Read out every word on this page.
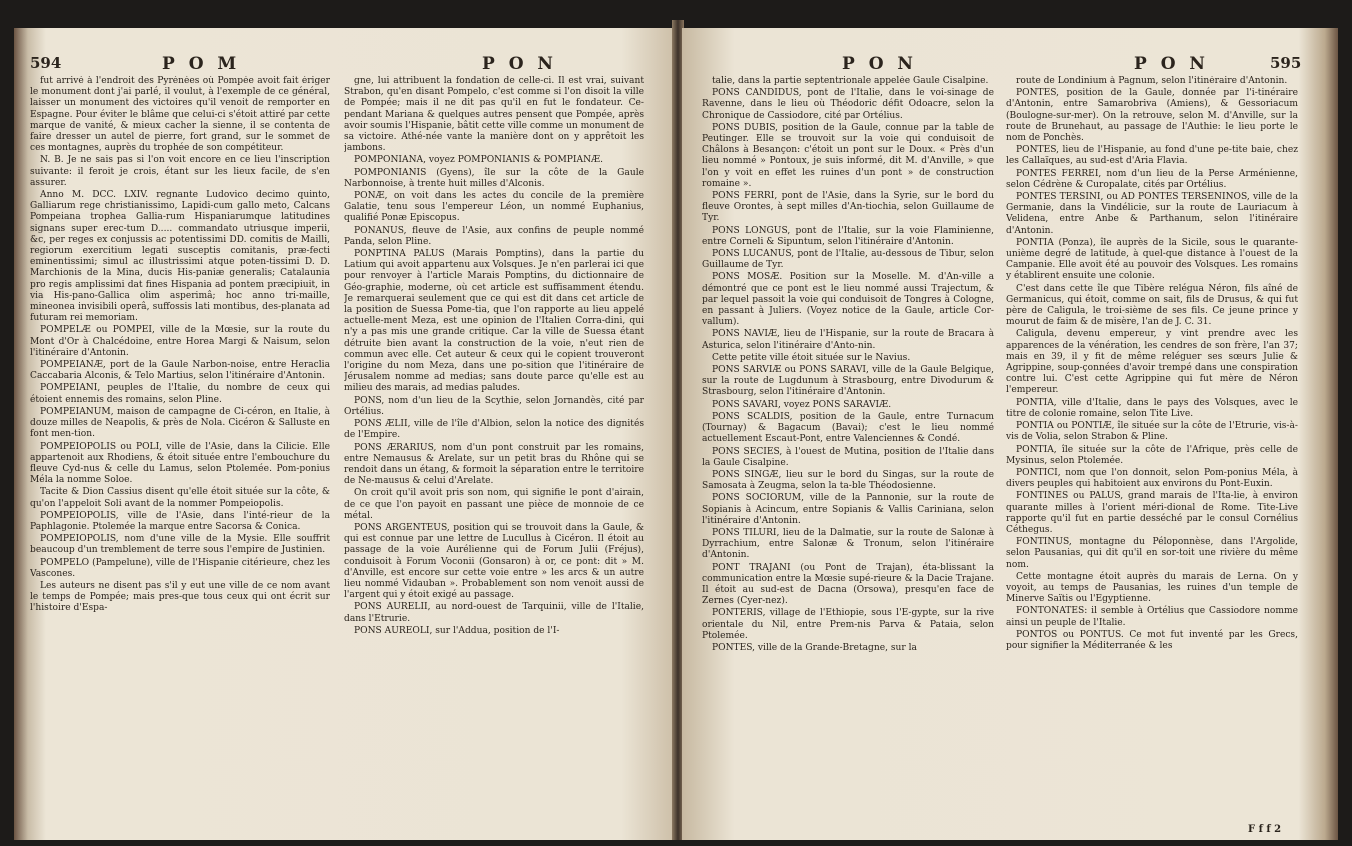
594	P O M	P O N

fut arrivé à l'endroit des Pyrénées où Pompée avoit fait ériger le monument dont j'ai parlé, il voulut, à l'exemple de ce général, laisser un monument des victoires qu'il venoit de remporter en Espagne. Pour éviter le blâme que celui-ci s'étoit attiré par cette marque de vanité, & mieux cacher la sienne, il se contenta de faire dresser un autel de pierre, fort grand, sur le sommet de ces montagnes, auprès du trophée de son compétiteur.

N. B. Je ne sais pas si l'on voit encore en ce lieu l'inscription suivante: il feroit je crois, étant sur les lieux facile, de s'en assurer.

Anno M. DCC. LXIV. regnante Ludovico decimo quinto, Galliarum rege christianissimo, Lapidi-cum gallo meto, Calcans Pompeiana trophea Gallia-rum Hispaniarumque latitudines signans super erec-tum D..... commandato utriusque imperii, &c, per reges ex conjussis ac potentissimi DD. comitis de Mailli, regiorum exercitium legati susceptis comitanis, præ-fecti eminentissimi; simul ac illustrissimi atque poten-tissimi D. D. Marchionis de la Mina, ducis His-paniæ generalis; Catalaunia pro regis amplissimi dat fines Hispania ad pontem præcipiuit, in via His-pano-Gallica olim asperimâ; hoc anno tri-maille, mineonea invisibili operâ, suffossis lati montibus, des-planata ad futuram rei memoriam.

POMPELÆ ou POMPEI, ville de la Mœsie, sur la route du Mont d'Or à Chalcédoine, entre Horea Margi & Naisum, selon l'itinéraire d'Antonin.

POMPEIANÆ, port de la Gaule Narbon-noise, entre Heraclia Caccabaria Alconis, & Telo Martius, selon l'itinéraire d'Antonin.

POMPEIANI, peuples de l'Italie, du nombre de ceux qui étoient ennemis des romains, selon Pline.

POMPEIANUM, maison de campagne de Ci-céron, en Italie, à douze milles de Neapolis, & près de Nola. Cicéron & Salluste en font men-tion.

POMPEIOPOLIS ou POLI, ville de l'Asie, dans la Cilicie. Elle appartenoit aux Rhodiens, & étoit située entre l'embouchure du fleuve Cyd-nus & celle du Lamus, selon Ptolemée. Pom-ponius Méla la nomme Soloe.

Tacite & Dion Cassius disent qu'elle étoit située sur la côte, & qu'on l'appeloit Soli avant de la nommer Pompeiopolis.

POMPEIOPOLIS, ville de l'Asie, dans l'inté-rieur de la Paphlagonie. Ptolemée la marque entre Sacorsa & Conica.

POMPEIOPOLIS, nom d'une ville de la Mysie. Elle souffrit beaucoup d'un tremblement de terre sous l'empire de Justinien.

POMPELO (Pampelune), ville de l'Hispanie citérieure, chez les Vascones.

Les auteurs ne disent pas s'il y eut une ville de ce nom avant le temps de Pompée; mais pres-que tous ceux qui ont écrit sur l'histoire d'Espa-

gne, lui attribuent la fondation de celle-ci. Il est vrai, suivant Strabon, qu'en disant Pompelo, c'est comme si l'on disoit la ville de Pompée; mais il ne dit pas qu'il en fut le fondateur. Ce-pendant Mariana & quelques autres pensent que Pompée, après avoir soumis l'Hispanie, bâtit cette ville comme un monument de sa victoire. Athé-née vante la manière dont on y apprêtoit les jambons.

POMPONIANA, voyez POMPONIANIS & POMPIANÆ.

POMPONIANIS (Gyens), île sur la côte de la Gaule Narbonnoise, à trente huit milles d'Alconis.

PONÆ, on voit dans les actes du concile de la première Galatie, tenu sous l'empereur Léon, un nommé Euphanius, qualifié Ponæ Episcopus.

PONANUS, fleuve de l'Asie, aux confins de peuple nommé Panda, selon Pline.

PONPTINA PALUS (Marais Pomptins), dans la partie du Latium qui avoit appartenu aux Volsques. Je n'en parlerai ici que pour renvoyer à l'article Marais Pomptins, du dictionnaire de Géo-graphie, moderne, où cet article est suffisamment étendu. Je remarquerai seulement que ce qui est dit dans cet article de la position de Suessa Pome-tia, que l'on rapporte au lieu appelé actuelle-ment Meza, est une opinion de l'Italien Corra-dini, qui n'y a pas mis une grande critique. Car la ville de Suessa étant détruite bien avant la construction de la voie, n'eut rien de commun avec elle. Cet auteur & ceux qui le copient trouveront l'origine du nom Meza, dans une po-sition que l'itinéraire de Jérusalem nomme ad medias; sans doute parce qu'elle est au milieu des marais, ad medias paludes.

PONS, nom d'un lieu de la Scythie, selon Jornandès, cité par Ortélius.

PONS ÆLII, ville de l'île d'Albion, selon la notice des dignités de l'Empire.

PONS ÆRARIUS, nom d'un pont construit par les romains, entre Nemausus & Arelate, sur un petit bras du Rhône qui se rendoit dans un étang, & formoit la séparation entre le territoire de Ne-mausus & celui d'Arelate.

On croit qu'il avoit pris son nom, qui signifie le pont d'airain, de ce que l'on payoit en passant une pièce de monnoie de ce métal.

PONS ARGENTEUS, position qui se trouvoit dans la Gaule, & qui est connue par une lettre de Lucullus à Cicéron. Il étoit au passage de la voie Aurélienne qui de Forum Julii (Fréjus), conduisoit à Forum Voconii (Gonsaron) à or, ce pont: dit » M. d'Anville, est encore sur cette voie entre » les arcs & un autre lieu nommé Vidauban ». Probablement son nom venoit aussi de l'argent qui y étoit exigé au passage.

PONS AURELII, au nord-ouest de Tarquinii, ville de l'Italie, dans l'Etrurie.

PONS AUREOLI, sur l'Addua, position de l'I-

P O N	P O N	595

talie, dans la partie septentrionale appelée Gaule Cisalpine.

PONS CANDIDUS, pont de l'Italie, dans le voi-sinage de Ravenne, dans le lieu où Théodoric défit Odoacre, selon la Chronique de Cassiodore, cité par Ortélius.

PONS DUBIS, position de la Gaule, connue par la table de Peutinger. Elle se trouvoit sur la voie qui conduisoit de Châlons à Besançon: c'étoit un pont sur le Doux. « Près d'un lieu nommé » Pontoux, je suis informé, dit M. d'Anville, » que l'on y voit en effet les ruines d'un pont » de construction romaine ».

PONS FERRI, pont de l'Asie, dans la Syrie, sur le bord du fleuve Orontes, à sept milles d'An-tiochia, selon Guillaume de Tyr.

PONS LONGUS, pont de l'Italie, sur la voie Flaminienne, entre Corneli & Sipuntum, selon l'itinéraire d'Antonin.

PONS LUCANUS, pont de l'Italie, au-dessous de Tibur, selon Guillaume de Tyr.

PONS MOSÆ. Position sur la Moselle. M. d'An-ville a démontré que ce pont est le lieu nommé aussi Trajectum, & par lequel passoit la voie qui conduisoit de Tongres à Cologne, en passant à Juliers. (Voyez notice de la Gaule, article Cor-vallum).

PONS NAVIÆ, lieu de l'Hispanie, sur la route de Bracara à Asturica, selon l'itinéraire d'Anto-nin.

Cette petite ville étoit située sur le Navius.

PONS SARVIÆ ou PONS SARAVI, ville de la Gaule Belgique, sur la route de Lugdunum à Strasbourg, entre Divodurum & Strasbourg, selon l'itinéraire d'Antonin.

PONS SAVARI, voyez PONS SARAVIÆ.

PONS SCALDIS, position de la Gaule, entre Turnacum (Tournay) & Bagacum (Bavai); c'est le lieu nommé actuellement Escaut-Pont, entre Valenciennes & Condé.

PONS SECIES, à l'ouest de Mutina, position de l'Italie dans la Gaule Cisalpine.

PONS SINGÆ, lieu sur le bord du Singas, sur la route de Samosata à Zeugma, selon la ta-ble Théodosienne.

PONS SOCIORUM, ville de la Pannonie, sur la route de Sopianis à Acincum, entre Sopianis & Vallis Cariniana, selon l'itinéraire d'Antonin.

PONS TILURI, lieu de la Dalmatie, sur la route de Salonæ à Dyrrachium, entre Salonæ & Tronum, selon l'itinéraire d'Antonin.

PONT TRAJANI (ou Pont de Trajan), éta-blissant la communication entre la Mœsie supé-rieure & la Dacie Trajane. Il étoit au sud-est de Dacna (Orsowa), presqu'en face de Zernes (Cyer-nez).

PONTERIS, village de l'Ethiopie, sous l'E-gypte, sur la rive orientale du Nil, entre Prem-nis Parva & Pataia, selon Ptolemée.

PONTES, ville de la Grande-Bretagne, sur la

route de Londinium à Pagnum, selon l'itinéraire d'Antonin.

PONTES, position de la Gaule, donnée par l'i-tinéraire d'Antonin, entre Samarobriva (Amiens), & Gessoriacum (Boulogne-sur-mer). On la retrouve, selon M. d'Anville, sur la route de Brunehaut, au passage de l'Authie: le lieu porte le nom de Ponchès.

PONTES, lieu de l'Hispanie, au fond d'une pe-tite baie, chez les Callaïques, au sud-est d'Aria Flavia.

PONTES FERREI, nom d'un lieu de la Perse Arménienne, selon Cédrène & Curopalate, cités par Ortélius.

PONTES TERSINI, ou AD PONTES TERSENINOS, ville de la Germanie, dans la Vindélicie, sur la route de Lauriacum à Velidena, entre Anbe & Parthanum, selon l'itinéraire d'Antonin.

PONTIA (Ponza), île auprès de la Sicile, sous le quarante-unième degré de latitude, à quel-que distance à l'ouest de la Campanie. Elle avoit été au pouvoir des Volsques. Les romains y établirent ensuite une colonie.

C'est dans cette île que Tibère relégua Néron, fils aîné de Germanicus, qui étoit, comme on sait, fils de Drusus, & qui fut père de Caligula, le troi-sième de ses fils. Ce jeune prince y mourut de faim & de misère, l'an de J. C. 31.

Caligula, devenu empereur, y vint prendre avec les apparences de la vénération, les cendres de son frère, l'an 37; mais en 39, il y fit de même reléguer ses sœurs Julie & Agrippine, soup-çonnées d'avoir trempé dans une conspiration contre lui. C'est cette Agrippine qui fut mère de Néron l'empereur.

PONTIA, ville d'Italie, dans le pays des Volsques, avec le titre de colonie romaine, selon Tite Live.

PONTIA ou PONTIÆ, île située sur la côte de l'Etrurie, vis-à-vis de Volia, selon Strabon & Pline.

PONTIA, île située sur la côte de l'Afrique, près celle de Mysinus, selon Ptolemée.

PONTICI, nom que l'on donnoit, selon Pom-ponius Méla, à divers peuples qui habitoient aux environs du Pont-Euxin.

FONTINES ou PALUS, grand marais de l'Ita-lie, à environ quarante milles à l'orient méri-dional de Rome. Tite-Live rapporte qu'il fut en partie desséché par le consul Cornélius Céthegus.

FONTINUS, montagne du Péloponnèse, dans l'Argolide, selon Pausanias, qui dit qu'il en sor-toit une rivière du même nom.

Cette montagne étoit auprès du marais de Lerna. On y voyoit, au temps de Pausanias, les ruines d'un temple de Minerve Saïtis ou l'Egyptienne.

FONTONATES: il semble à Ortélius que Cassiodore nomme ainsi un peuple de l'Italie.

PONTOS ou PONTUS. Ce mot fut inventé par les Grecs, pour signifier la Méditerranée & les

F f f 2
